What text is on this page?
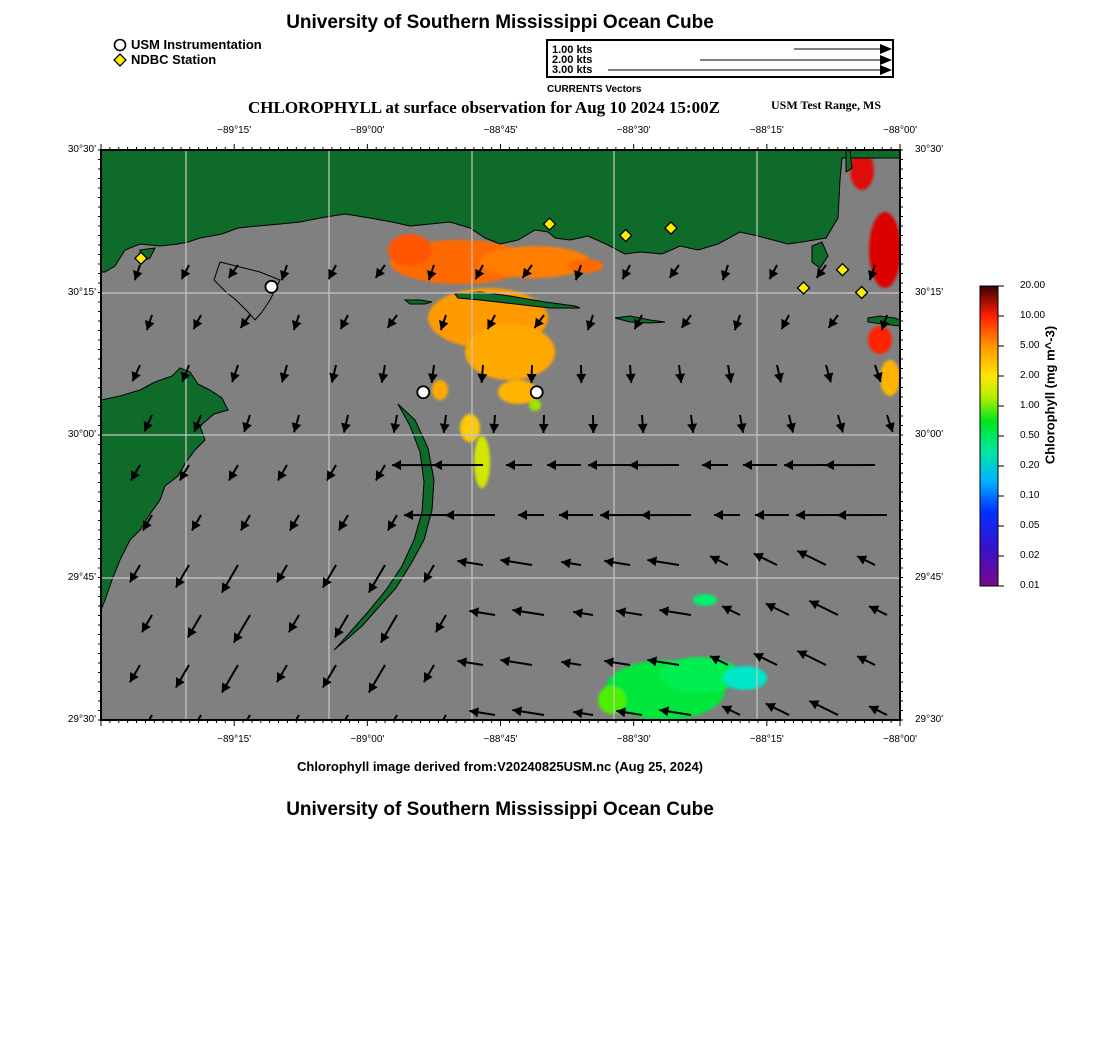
University of Southern Mississippi Ocean Cube
USM Instrumentation
NDBC Station
1.00 kts
2.00 kts
3.00 kts
CURRENTS Vectors
CHLOROPHYLL at surface observation for Aug 10 2024 15:00Z	USM Test Range, MS
−89°15'
−89°15'
−89°00'
−89°00'
−88°45'
−88°45'
−88°30'
−88°30'
−88°15'
−88°15'
−88°00'
−88°00'
30°30'	30°30'
30°15'	30°15'
30°00'	30°00'
29°45'	29°45'
29°30'	29°30'
20.00
10.00
5.00
2.00
1.00
0.50
0.20
0.10
0.05
0.02
0.01
Chlorophyll (mg m^-3)
Chlorophyll image derived from:V20240825USM.nc (Aug 25, 2024)
University of Southern Mississippi Ocean Cube
